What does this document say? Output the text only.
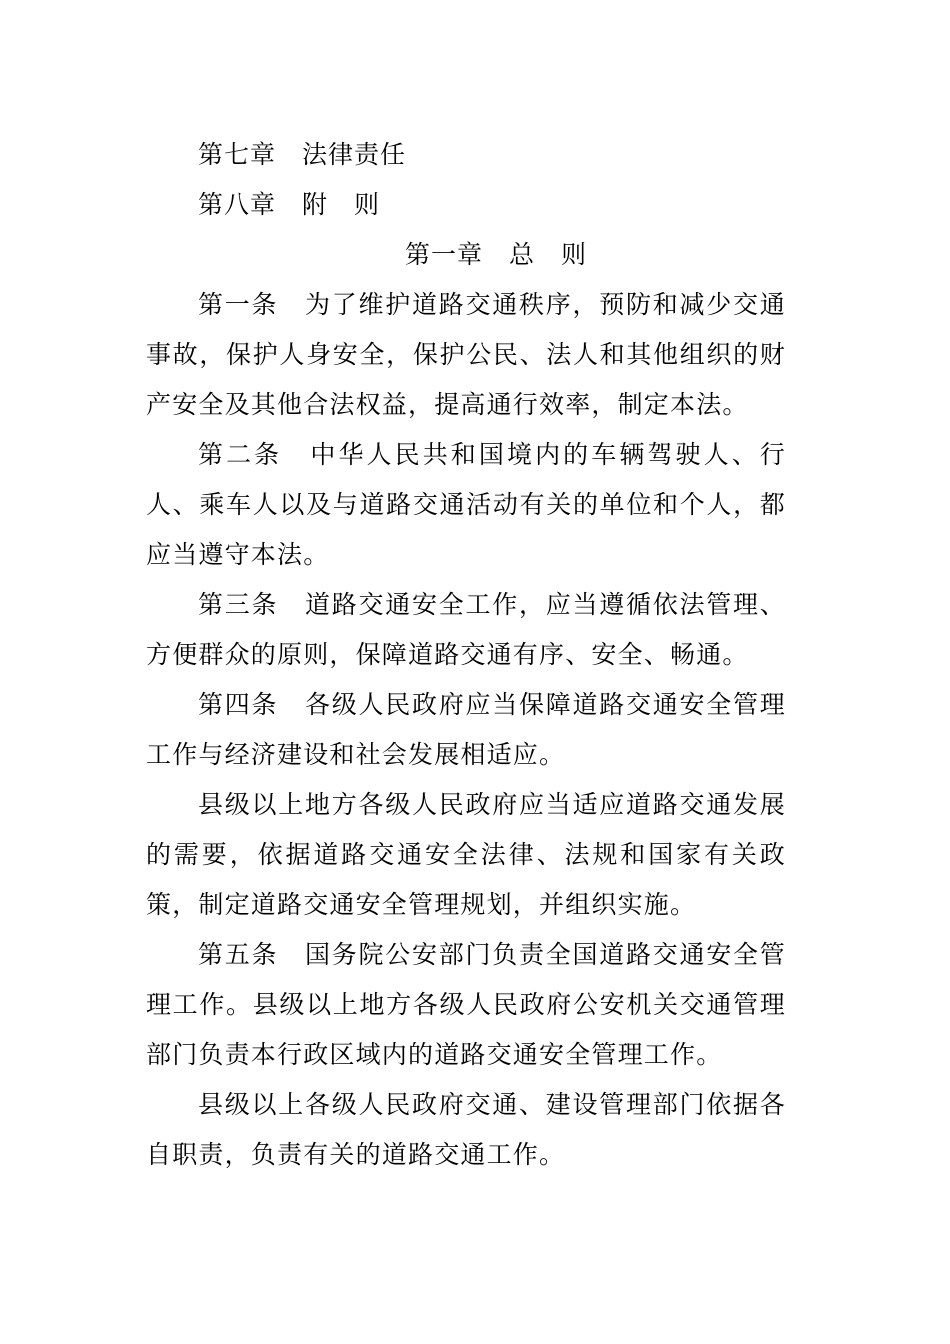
第七章　法律责任
第八章　附　则
第一章　总　则

第一条　为了维护道路交通秩序，预防和减少交通事故，保护人身安全，保护公民、法人和其他组织的财产安全及其他合法权益，提高通行效率，制定本法。

第二条　中华人民共和国境内的车辆驾驶人、行人、乘车人以及与道路交通活动有关的单位和个人，都应当遵守本法。

第三条　道路交通安全工作，应当遵循依法管理、方便群众的原则，保障道路交通有序、安全、畅通。

第四条　各级人民政府应当保障道路交通安全管理工作与经济建设和社会发展相适应。

县级以上地方各级人民政府应当适应道路交通发展的需要，依据道路交通安全法律、法规和国家有关政策，制定道路交通安全管理规划，并组织实施。

第五条　国务院公安部门负责全国道路交通安全管理工作。县级以上地方各级人民政府公安机关交通管理部门负责本行政区域内的道路交通安全管理工作。

县级以上各级人民政府交通、建设管理部门依据各自职责，负责有关的道路交通工作。
